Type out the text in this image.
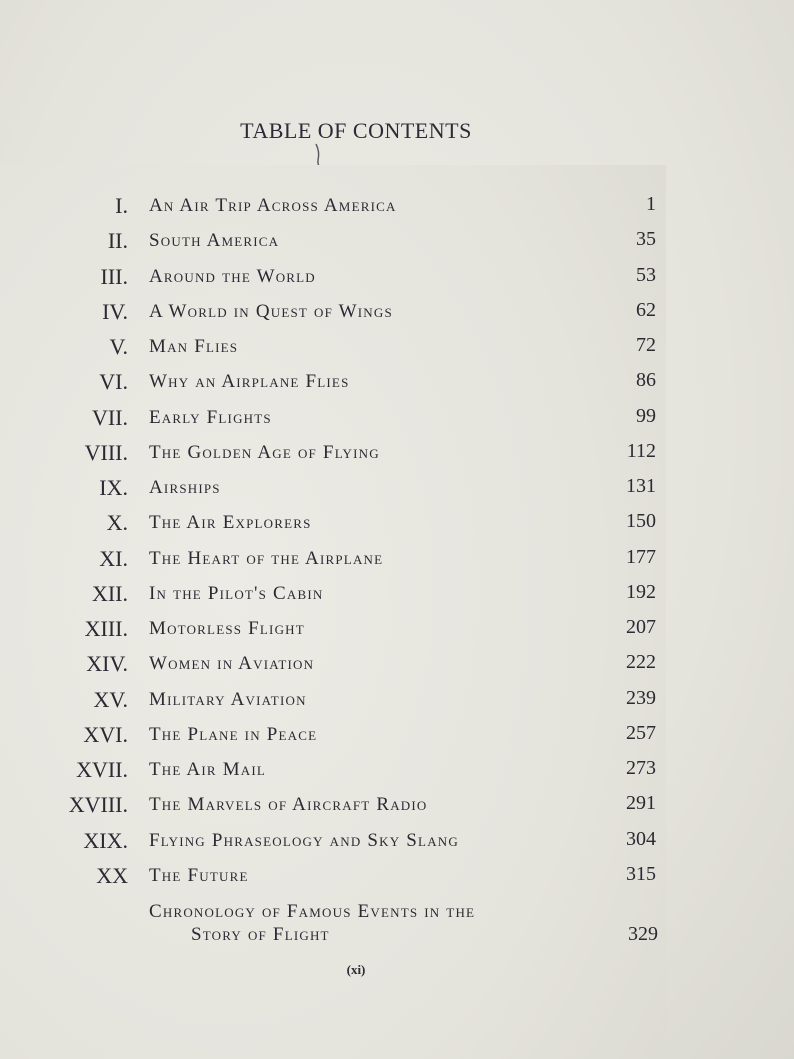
TABLE OF CONTENTS
I. An Air Trip Across America	1
II. South America	35
III. Around the World	53
IV. A World in Quest of Wings	62
V. Man Flies	72
VI. Why an Airplane Flies	86
VII. Early Flights	99
VIII. The Golden Age of Flying	112
IX. Airships	131
X. The Air Explorers	150
XI. The Heart of the Airplane	177
XII. In the Pilot's Cabin	192
XIII. Motorless Flight	207
XIV. Women in Aviation	222
XV. Military Aviation	239
XVI. The Plane in Peace	257
XVII. The Air Mail	273
XVIII. The Marvels of Aircraft Radio	291
XIX. Flying Phraseology and Sky Slang	304
XX The Future	315
Chronology of Famous Events in the
Story of Flight	329
(xi)
